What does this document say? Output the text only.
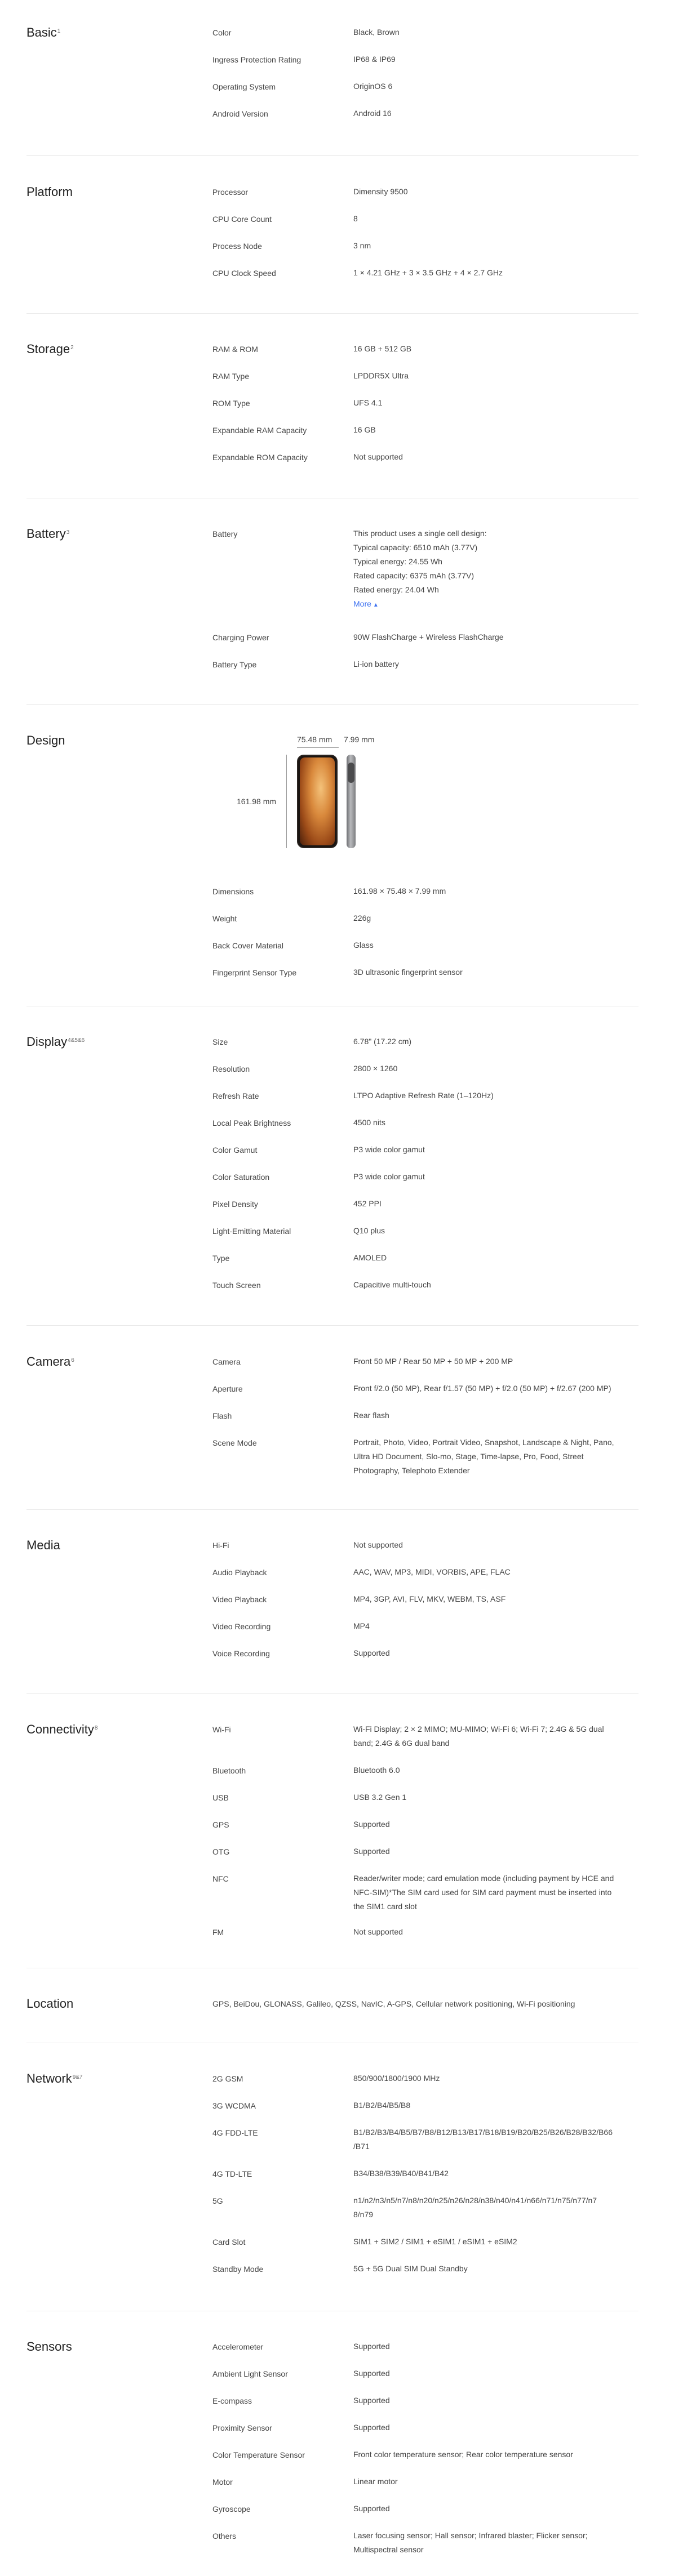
Basic$^1$	Color	Black, Brown
Ingress Protection Rating	IP68 & IP69
Operating System	OriginOS 6
Android Version	Android 16
Platform	Processor	Dimensity 9500
CPU Core Count	8
Process Node	3 nm
CPU Clock Speed	1 × 4.21 GHz + 3 × 3.5 GHz + 4 × 2.7 GHz
Storage$^2$	RAM & ROM	16 GB + 512 GB
RAM Type	LPDDR5X Ultra
ROM Type	UFS 4.1
Expandable RAM Capacity	16 GB
Expandable ROM Capacity	Not supported
Battery$^3$	Battery	This product uses a single cell design:
Typical capacity: 6510 mAh (3.77V)
Typical energy: 24.55 Wh
Rated capacity: 6375 mAh (3.77V)
Rated energy: 24.04 Wh
More ▲
Charging Power	90W FlashCharge + Wireless FlashCharge
Battery Type	Li-ion battery
Design	75.48 mm 7.99 mm
161.98 mm
Dimensions	161.98 × 75.48 × 7.99 mm
Weight	226g
Back Cover Material	Glass
Fingerprint Sensor Type	3D ultrasonic fingerprint sensor
Display$^{4\&5\&6}$	Size	6.78" (17.22 cm)
Resolution	2800 × 1260
Refresh Rate	LTPO Adaptive Refresh Rate (1–120Hz)
Local Peak Brightness	4500 nits
Color Gamut	P3 wide color gamut
Color Saturation	P3 wide color gamut
Pixel Density	452 PPI
Light-Emitting Material	Q10 plus
Type	AMOLED
Touch Screen	Capacitive multi-touch
Camera$^6$	Camera	Front 50 MP / Rear 50 MP + 50 MP + 200 MP
Aperture	Front f/2.0 (50 MP), Rear f/1.57 (50 MP) + f/2.0 (50 MP) + f/2.67 (200 MP)
Flash	Rear flash
Scene Mode	Portrait, Photo, Video, Portrait Video, Snapshot, Landscape & Night, Pano,
Ultra HD Document, Slo-mo, Stage, Time-lapse, Pro, Food, Street
Photography, Telephoto Extender
Media	Hi-Fi	Not supported
Audio Playback	AAC, WAV, MP3, MIDI, VORBIS, APE, FLAC
Video Playback	MP4, 3GP, AVI, FLV, MKV, WEBM, TS, ASF
Video Recording	MP4
Voice Recording	Supported
Connectivity$^8$	Wi-Fi	Wi-Fi Display; 2 × 2 MIMO; MU-MIMO; Wi-Fi 6; Wi-Fi 7; 2.4G & 5G dual
band; 2.4G & 6G dual band
Bluetooth	Bluetooth 6.0
USB	USB 3.2 Gen 1
GPS	Supported
OTG	Supported
NFC	Reader/writer mode; card emulation mode (including payment by HCE and
NFC-SIM)*The SIM card used for SIM card payment must be inserted into
the SIM1 card slot
FM	Not supported
Location	GPS, BeiDou, GLONASS, Galileo, QZSS, NavIC, A-GPS, Cellular network positioning, Wi-Fi positioning
Network$^{9\&7}$	2G GSM	850/900/1800/1900 MHz
3G WCDMA	B1/B2/B4/B5/B8
4G FDD-LTE	B1/B2/B3/B4/B5/B7/B8/B12/B13/B17/B18/B19/B20/B25/B26/B28/B32/B66
/B71
4G TD-LTE	B34/B38/B39/B40/B41/B42
5G	n1/n2/n3/n5/n7/n8/n20/n25/n26/n28/n38/n40/n41/n66/n71/n75/n77/n7
8/n79
Card Slot	SIM1 + SIM2 / SIM1 + eSIM1 / eSIM1 + eSIM2
Standby Mode	5G + 5G Dual SIM Dual Standby
Sensors	Accelerometer	Supported
Ambient Light Sensor	Supported
E-compass	Supported
Proximity Sensor	Supported
Color Temperature Sensor	Front color temperature sensor; Rear color temperature sensor
Motor	Linear motor
Gyroscope	Supported
Others	Laser focusing sensor; Hall sensor; Infrared blaster; Flicker sensor;
Multispectral sensor
